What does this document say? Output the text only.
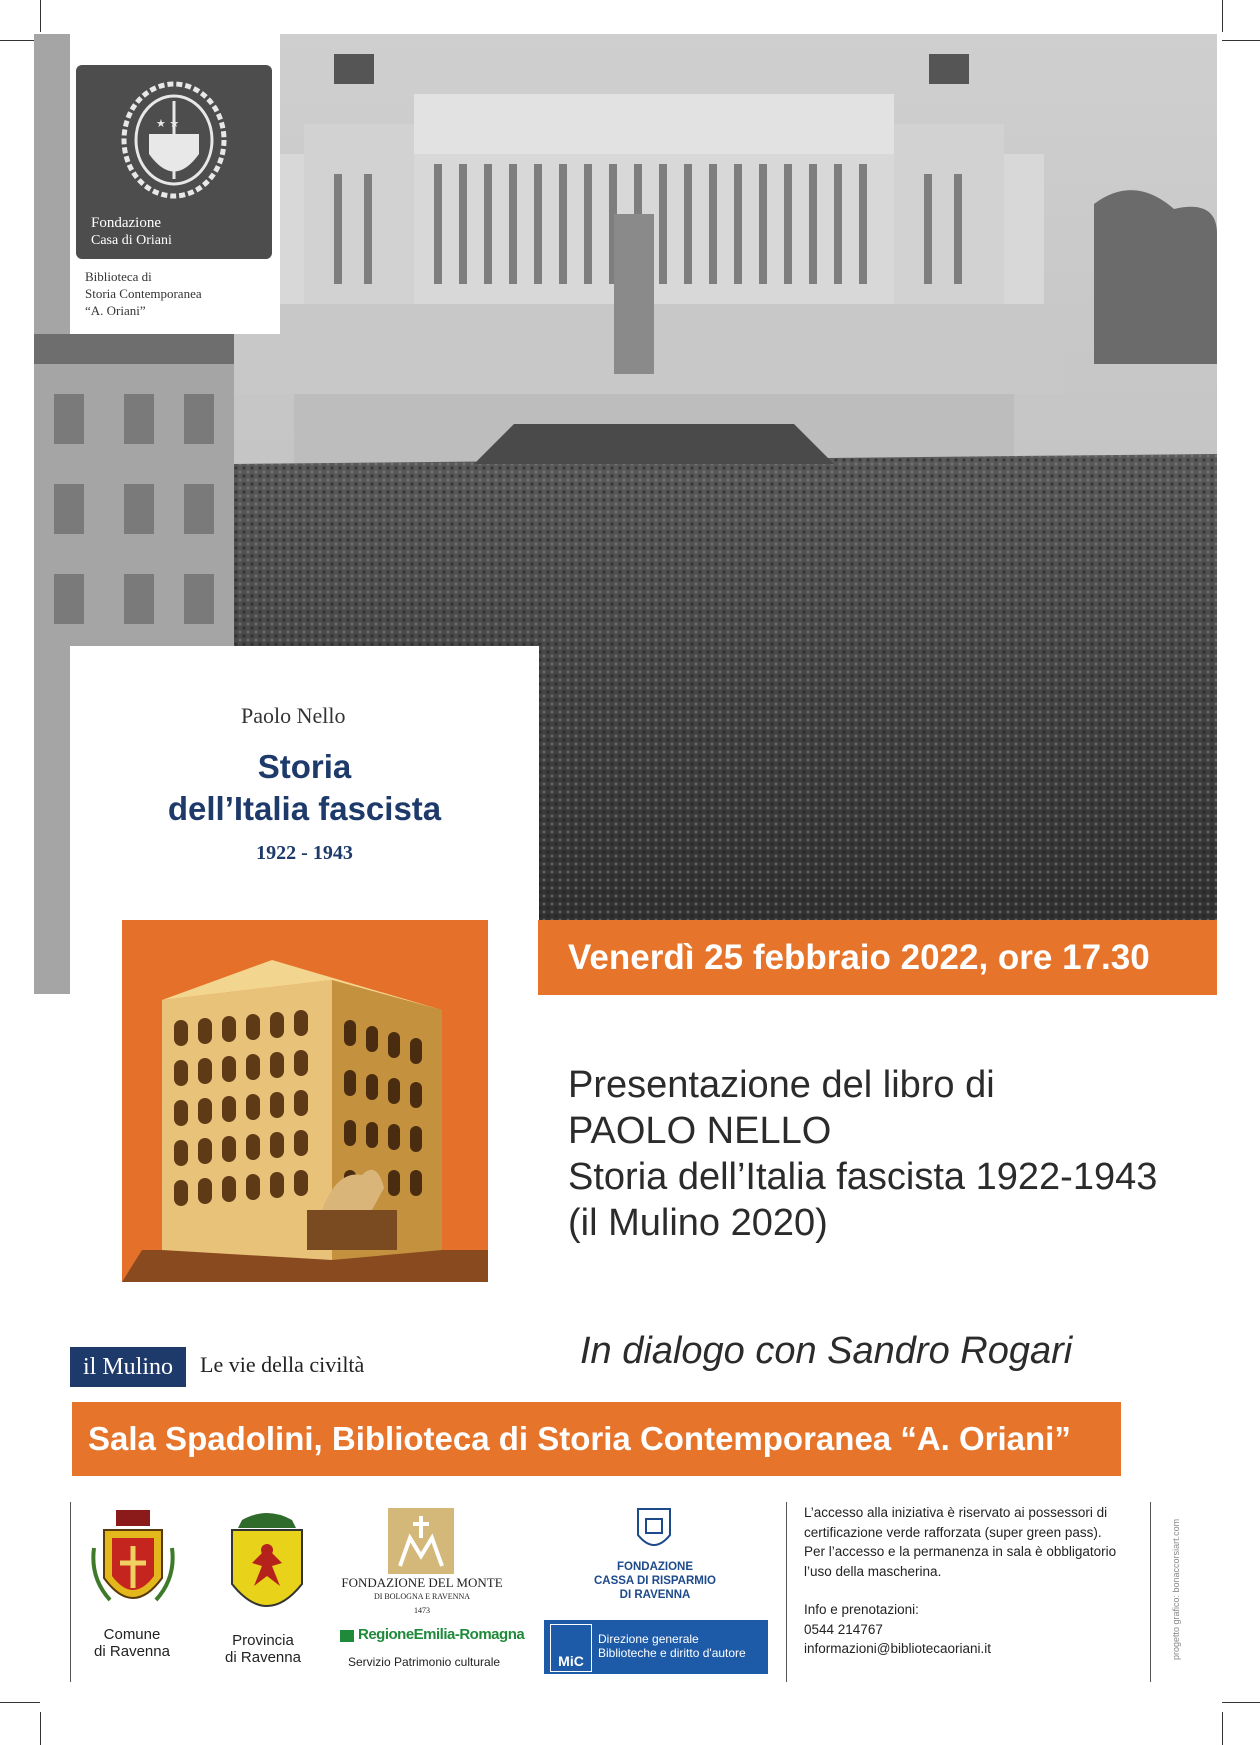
★ ★
Fondazione
Casa di Oriani
Biblioteca di
Storia Contemporanea
“A. Oriani”
Paolo Nello
Storia
dell’Italia fascista
1922 - 1943
Venerdì 25 febbraio 2022, ore 17.30
Presentazione del libro di
PAOLO NELLO
Storia dell’Italia fascista 1922-1943
(il Mulino 2020)
In dialogo con Sandro Rogari
il Mulino	Le vie della civiltà
Sala Spadolini, Biblioteca di Storia Contemporanea “A. Oriani”
Comune
di Ravenna
Provincia
di Ravenna
FONDAZIONE DEL MONTE
DI BOLOGNA E RAVENNA
1473
RegioneEmilia-Romagna
Servizio Patrimonio culturale
FONDAZIONE
CASSA DI RISPARMIO
DI RAVENNA
MiC
Direzione generale
Biblioteche e diritto d'autore
L’accesso alla iniziativa è riservato ai possessori di
certificazione verde rafforzata (super green pass).
Per l’accesso e la permanenza in sala è obbligatorio
l’uso della mascherina.
Info e prenotazioni:
0544 214767
informazioni@bibliotecaoriani.it	progetto grafico: bonaccorsiart.com
